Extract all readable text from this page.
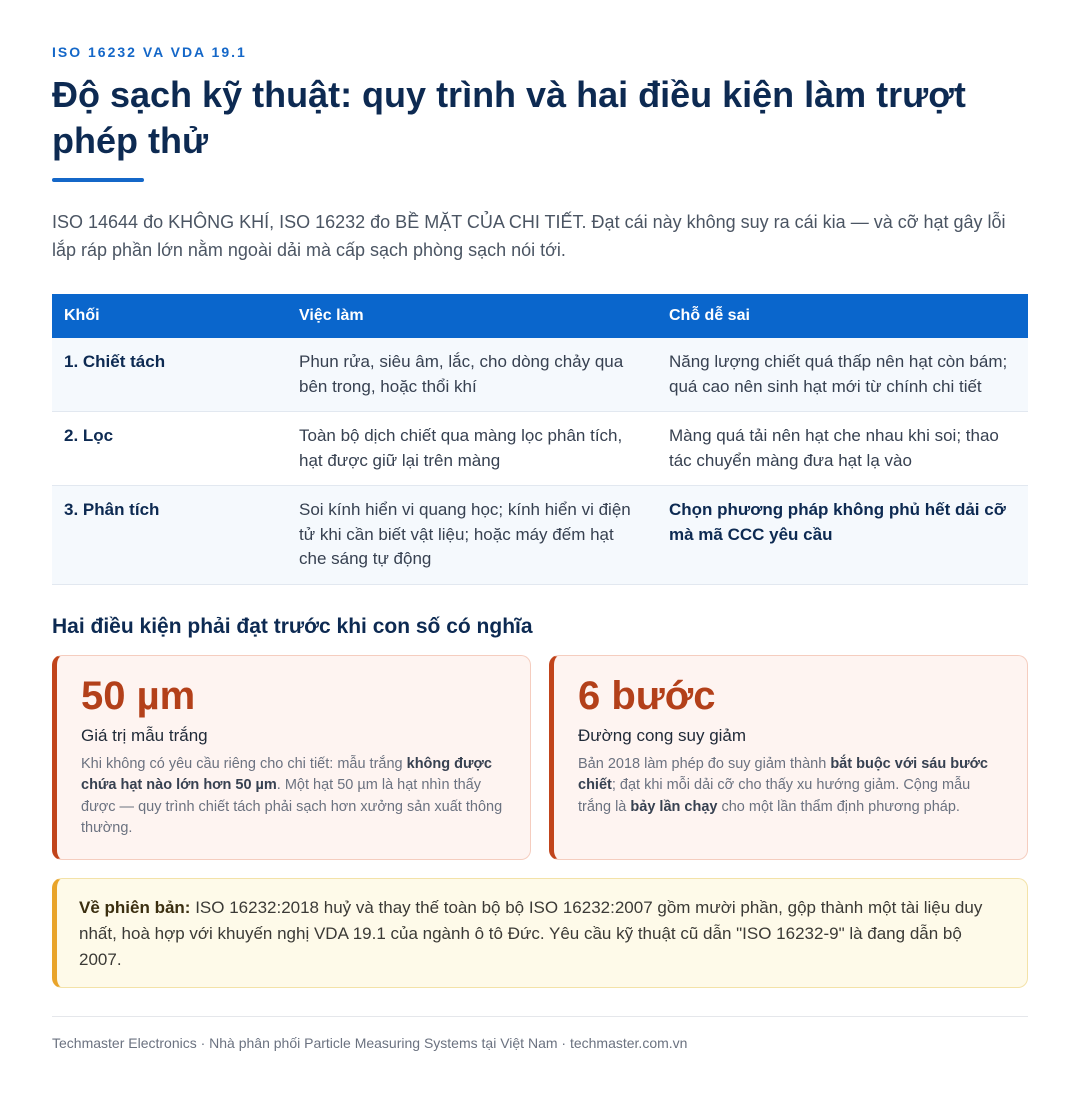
ISO 16232 VA VDA 19.1
Độ sạch kỹ thuật: quy trình và hai điều kiện làm trượt phép thử

ISO 14644 đo KHÔNG KHÍ, ISO 16232 đo BỀ MẶT CỦA CHI TIẾT. Đạt cái này không suy ra cái kia — và cỡ hạt gây lỗi lắp ráp phần lớn nằm ngoài dải mà cấp sạch phòng sạch nói tới.

Khối	Việc làm	Chỗ dễ sai
1. Chiết tách	Phun rửa, siêu âm, lắc, cho dòng chảy qua bên trong, hoặc thổi khí	Năng lượng chiết quá thấp nên hạt còn bám; quá cao nên sinh hạt mới từ chính chi tiết
2. Lọc	Toàn bộ dịch chiết qua màng lọc phân tích, hạt được giữ lại trên màng	Màng quá tải nên hạt che nhau khi soi; thao tác chuyển màng đưa hạt lạ vào
3. Phân tích	Soi kính hiển vi quang học; kính hiển vi điện tử khi cần biết vật liệu; hoặc máy đếm hạt che sáng tự động	Chọn phương pháp không phủ hết dải cỡ mà mã CCC yêu cầu
Hai điều kiện phải đạt trước khi con số có nghĩa
50 µm
Giá trị mẫu trắng
Khi không có yêu cầu riêng cho chi tiết: mẫu trắng không được chứa hạt nào lớn hơn 50 µm. Một hạt 50 µm là hạt nhìn thấy được — quy trình chiết tách phải sạch hơn xưởng sản xuất thông thường.
6 bước
Đường cong suy giảm
Bản 2018 làm phép đo suy giảm thành bắt buộc với sáu bước chiết; đạt khi mỗi dải cỡ cho thấy xu hướng giảm. Cộng mẫu trắng là bảy lần chạy cho một lần thẩm định phương pháp.
Về phiên bản: ISO 16232:2018 huỷ và thay thế toàn bộ bộ ISO 16232:2007 gồm mười phần, gộp thành một tài liệu duy nhất, hoà hợp với khuyến nghị VDA 19.1 của ngành ô tô Đức. Yêu cầu kỹ thuật cũ dẫn "ISO 16232-9" là đang dẫn bộ 2007.
Techmaster Electronics · Nhà phân phối Particle Measuring Systems tại Việt Nam · techmaster.com.vn
